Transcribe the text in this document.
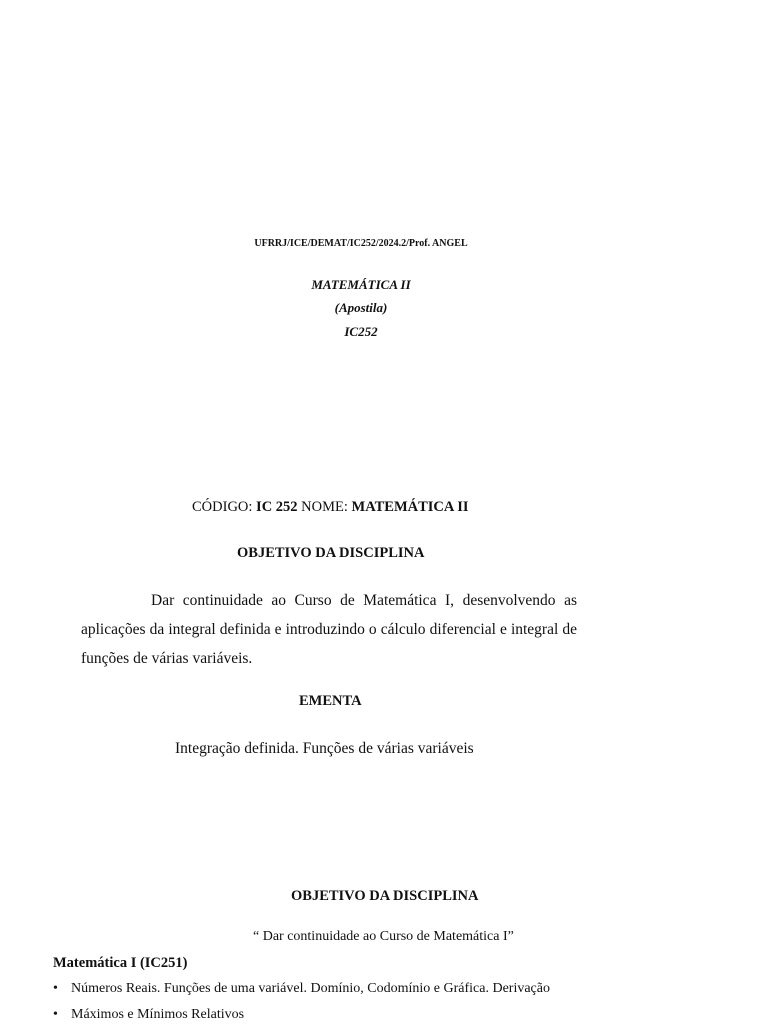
UFRRJ/ICE/DEMAT/IC252/2024.2/Prof. ANGEL
MATEMÁTICA II
(Apostila)
IC252
CÓDIGO: IC 252 NOME: MATEMÁTICA II
OBJETIVO DA DISCIPLINA
Dar continuidade ao Curso de Matemática I, desenvolvendo as aplicações da integral definida e introduzindo o cálculo diferencial e integral de funções de várias variáveis.
EMENTA
Integração definida. Funções de várias variáveis
OBJETIVO DA DISCIPLINA
“ Dar continuidade ao Curso de Matemática I”
Matemática I (IC251)
• Números Reais. Funções de uma variável. Domínio, Codomínio e Gráfica. Derivação
• Máximos e Mínimos Relativos
